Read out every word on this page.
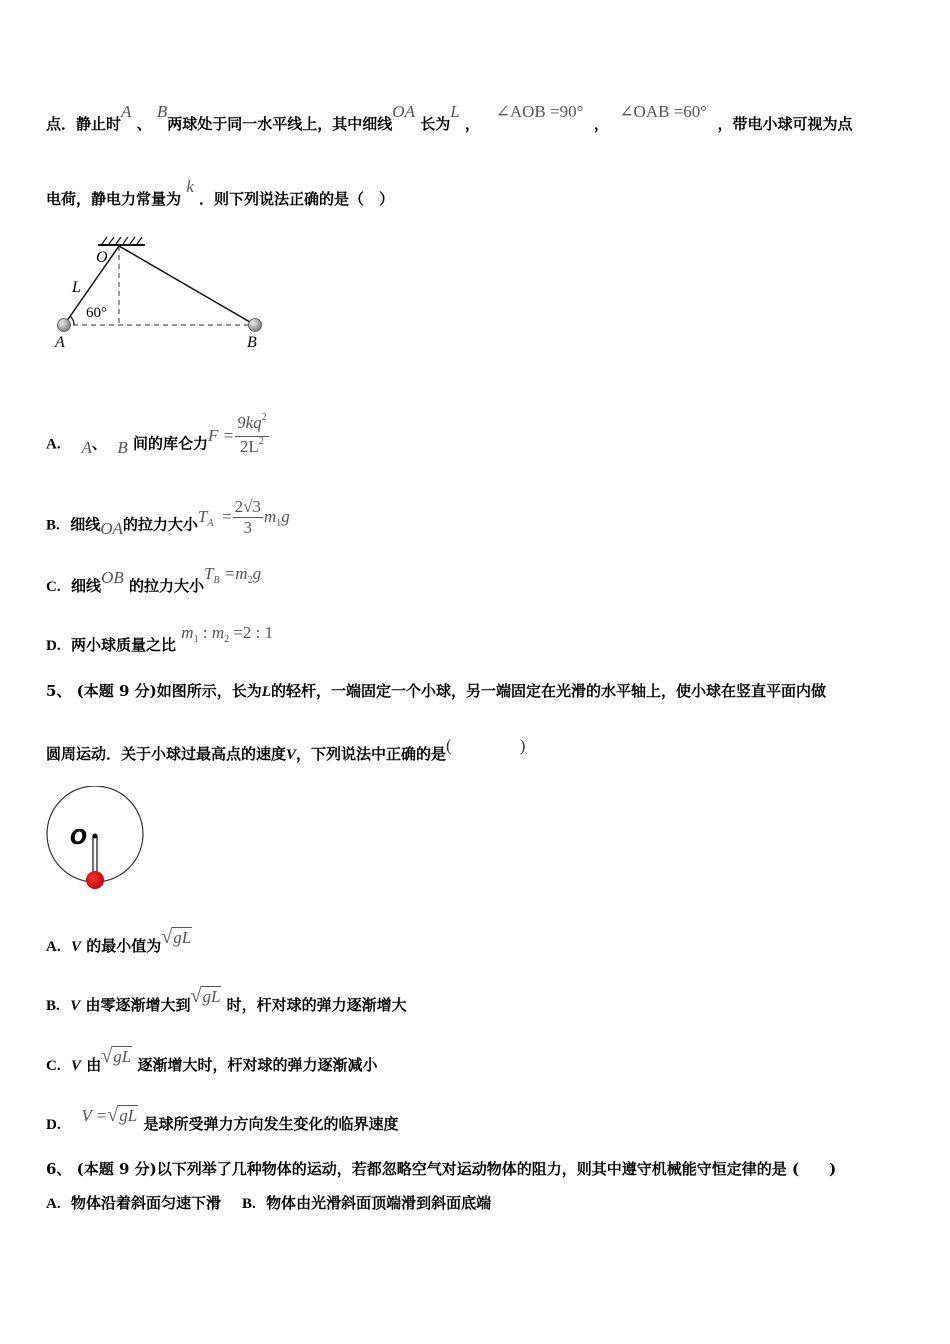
点．静止时A 、 B两球处于同一水平线上，其中细线OA 长为L ，   ∠AOB =90°  ，  ∠OAB =60°  ，带电小球可视为点
电荷，静电力常量为 k ．则下列说法正确的是（　）
O
L
60°
A	B
A. A、 B 间的库仑力$F = \frac{9kq^2}{2L^2}$
B. 细线OA的拉力大小$T_A = \frac{2√3}{3} m_1g$
C. 细线OB 的拉力大小$T_B =m_2g$
D. 两小球质量之比 $m_1$ : $m_2 =2$ : 1
5、 (本题 9 分)如图所示，长为L的轻杆，一端固定一个小球，另一端固定在光滑的水平轴上，使小球在竖直平面内做
圆周运动．关于小球过最高点的速度V，下列说法中正确的是(　　　　)
O
A. V 的最小值为√gL
B. V 由零逐渐增大到√gL 时，杆对球的弹力逐渐增大
C. V 由√gL 逐渐增大时，杆对球的弹力逐渐减小
D. V =√gL 是球所受弹力方向发生变化的临界速度
6、 (本题 9 分)以下列举了几种物体的运动，若都忽略空气对运动物体的阻力，则其中遵守机械能守恒定律的是 (　　)
A. 物体沿着斜面匀速下滑 B. 物体由光滑斜面顶端滑到斜面底端
